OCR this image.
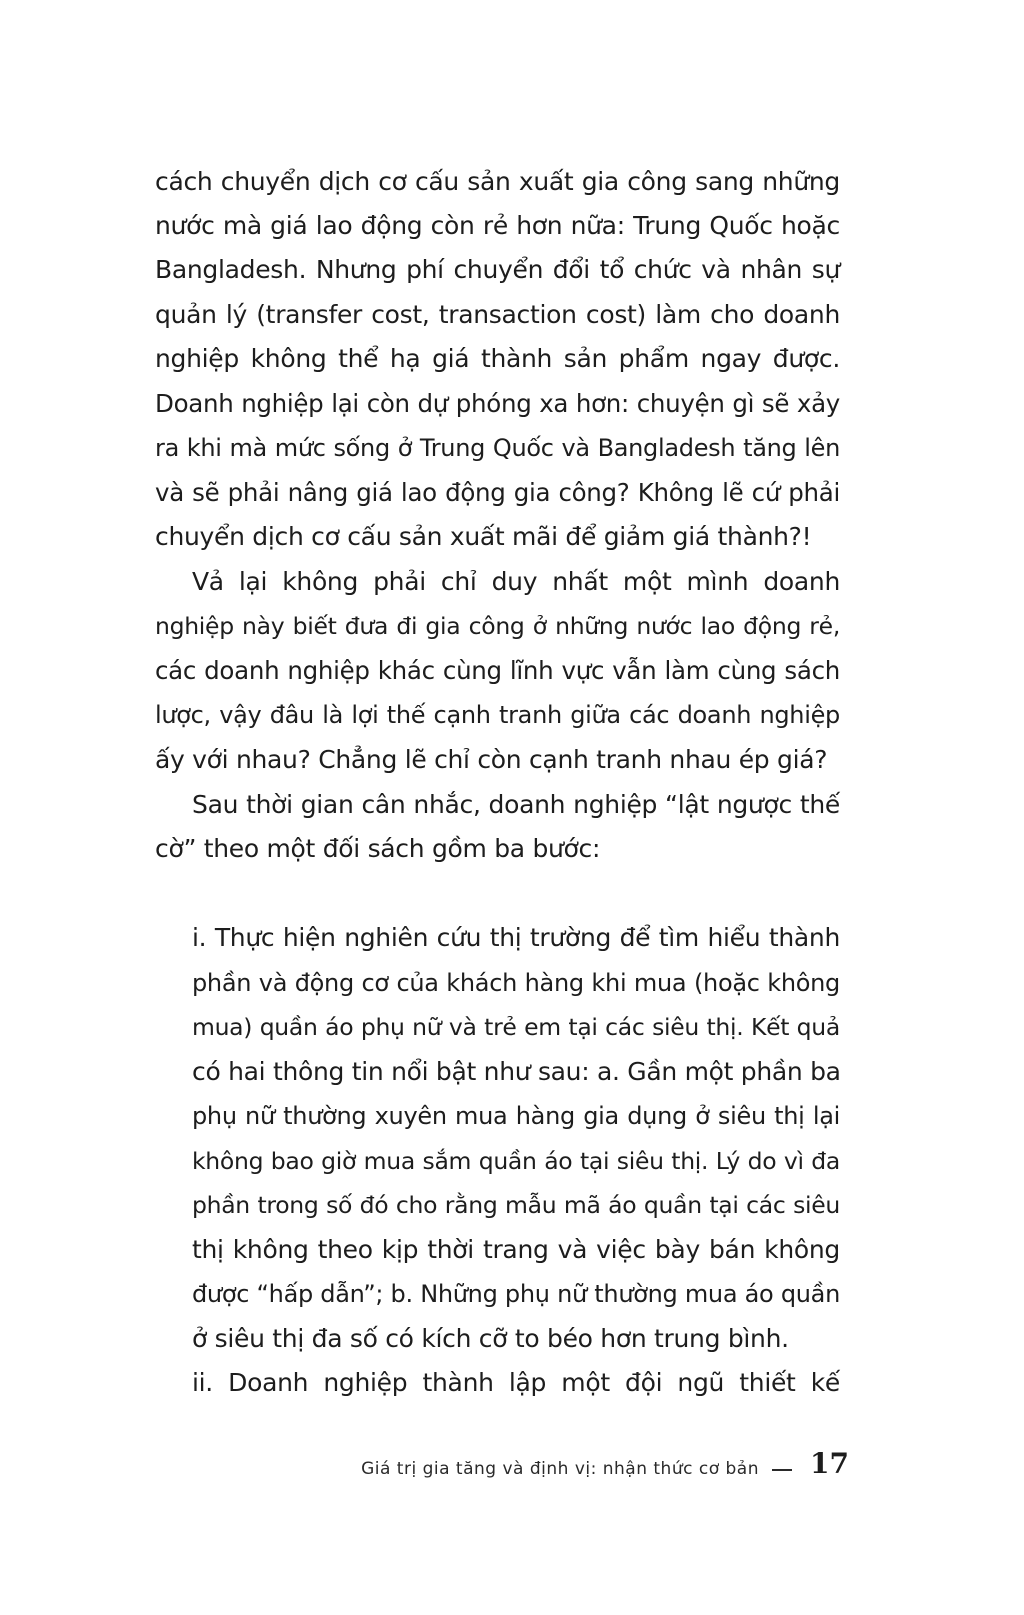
cách chuyển dịch cơ cấu sản xuất gia công sang những
nước mà giá lao động còn rẻ hơn nữa: Trung Quốc hoặc
Bangladesh. Nhưng phí chuyển đổi tổ chức và nhân sự
quản lý (transfer cost, transaction cost) làm cho doanh
nghiệp không thể hạ giá thành sản phẩm ngay được.
Doanh nghiệp lại còn dự phóng xa hơn: chuyện gì sẽ xảy
ra khi mà mức sống ở Trung Quốc và Bangladesh tăng lên
và sẽ phải nâng giá lao động gia công? Không lẽ cứ phải
chuyển dịch cơ cấu sản xuất mãi để giảm giá thành?!
Vả lại không phải chỉ duy nhất một mình doanh
nghiệp này biết đưa đi gia công ở những nước lao động rẻ,
các doanh nghiệp khác cùng lĩnh vực vẫn làm cùng sách
lược, vậy đâu là lợi thế cạnh tranh giữa các doanh nghiệp
ấy với nhau? Chẳng lẽ chỉ còn cạnh tranh nhau ép giá?
Sau thời gian cân nhắc, doanh nghiệp “lật ngược thế
cờ” theo một đối sách gồm ba bước:
i. Thực hiện nghiên cứu thị trường để tìm hiểu thành
phần và động cơ của khách hàng khi mua (hoặc không
mua) quần áo phụ nữ và trẻ em tại các siêu thị. Kết quả
có hai thông tin nổi bật như sau: a. Gần một phần ba
phụ nữ thường xuyên mua hàng gia dụng ở siêu thị lại
không bao giờ mua sắm quần áo tại siêu thị. Lý do vì đa
phần trong số đó cho rằng mẫu mã áo quần tại các siêu
thị không theo kịp thời trang và việc bày bán không
được “hấp dẫn”; b. Những phụ nữ thường mua áo quần
ở siêu thị đa số có kích cỡ to béo hơn trung bình.
ii. Doanh nghiệp thành lập một đội ngũ thiết kế
Giá trị gia tăng và định vị: nhận thức cơ bản 17
